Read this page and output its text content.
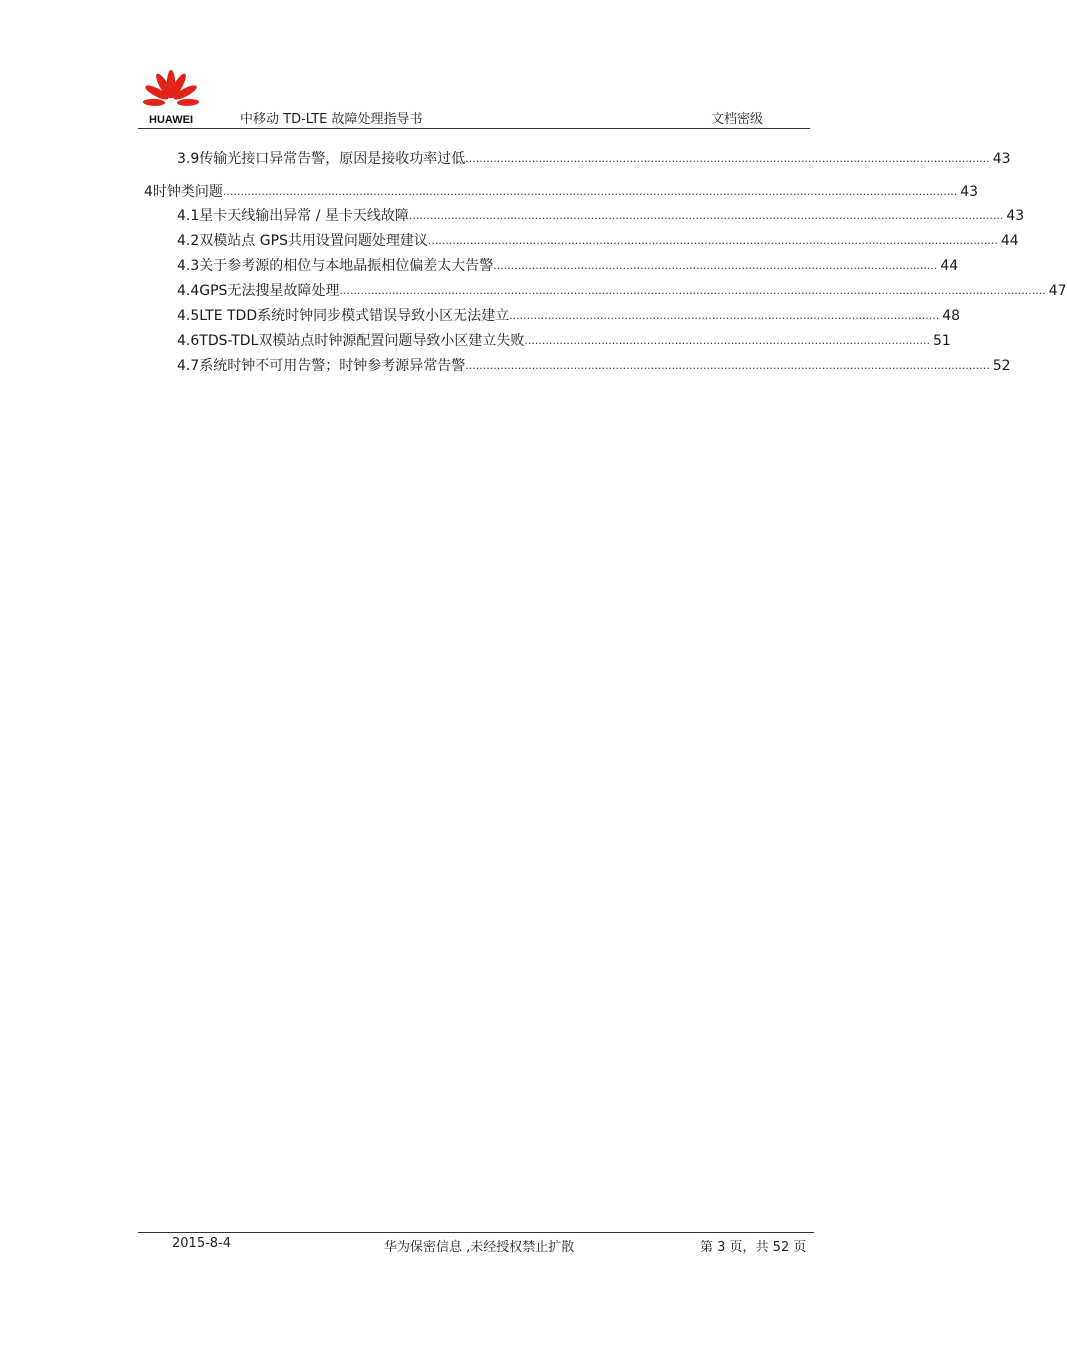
HUAWEI	中移动 TD-LTE 故障处理指导书	文档密级
3.9 传输光接口异常告警，原因是接收功率过低 ...................................................................................................................................................... 43
4 时钟类问题 .................................................................................................................................................................................................................. 43
4.1 星卡天线输出异常 / 星卡天线故障 .......................................................................................................................................................................... 43
4.2 双模站点 GPS共用设置问题处理建议 ................................................................................................................................................................... 44
4.3 关于参考源的相位与本地晶振相位偏差太大告警 ............................................................................................................................... 44
4.4 GPS无法搜星故障处理 .......................................................................................................................................................................................................... 47
4.5 LTE TDD系统时钟同步模式错误导致小区无法建立 ........................................................................................................................... 48
4.6 TDS-TDL双模站点时钟源配置问题导致小区建立失败 .................................................................................................................... 51
4.7 系统时钟不可用告警；时钟参考源异常告警 ...................................................................................................................................................... 52
2015-8-4	华为保密信息 ,未经授权禁止扩散	第 3 页，共 52 页
